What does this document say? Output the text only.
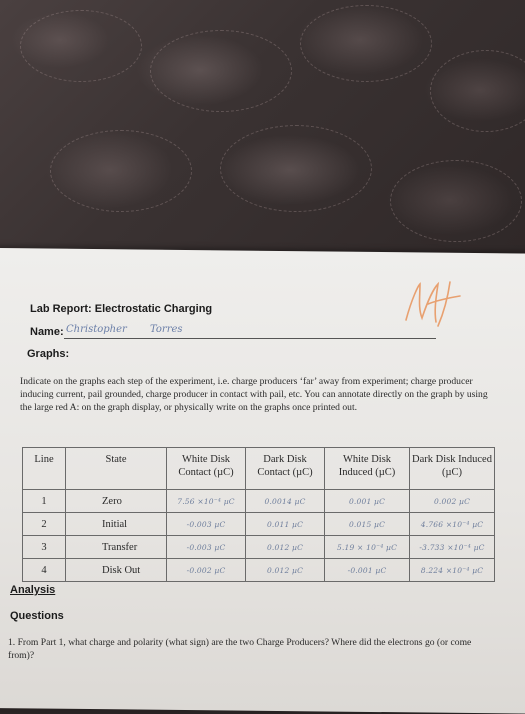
Lab Report: Electrostatic Charging
Name: Christopher Torres
Graphs:
Indicate on the graphs each step of the experiment, i.e. charge producers ‘far’ away from experiment; charge producer inducing current, pail grounded, charge producer in contact with pail, etc. You can annotate directly on the graph by using the large red A: on the graph display, or physically write on the graphs once printed out.
Line	State	White Disk Contact (µC)	Dark Disk Contact (µC)	White Disk Induced (µC)	Dark Disk Induced (µC)
1	Zero	7.56 ×10⁻⁴ µC	0.0014 µC	0.001 µC	0.002 µC
2	Initial	-0.003 µC	0.011 µC	0.015 µC	4.766 ×10⁻⁴ µC
3	Transfer	-0.003 µC	0.012 µC	5.19 × 10⁻⁴ µC	-3.733 ×10⁻⁴ µC
4	Disk Out	-0.002 µC	0.012 µC	-0.001 µC	8.224 ×10⁻⁴ µC
Analysis
Questions
1. From Part 1, what charge and polarity (what sign) are the two Charge Producers? Where did the electrons go (or come from)?
